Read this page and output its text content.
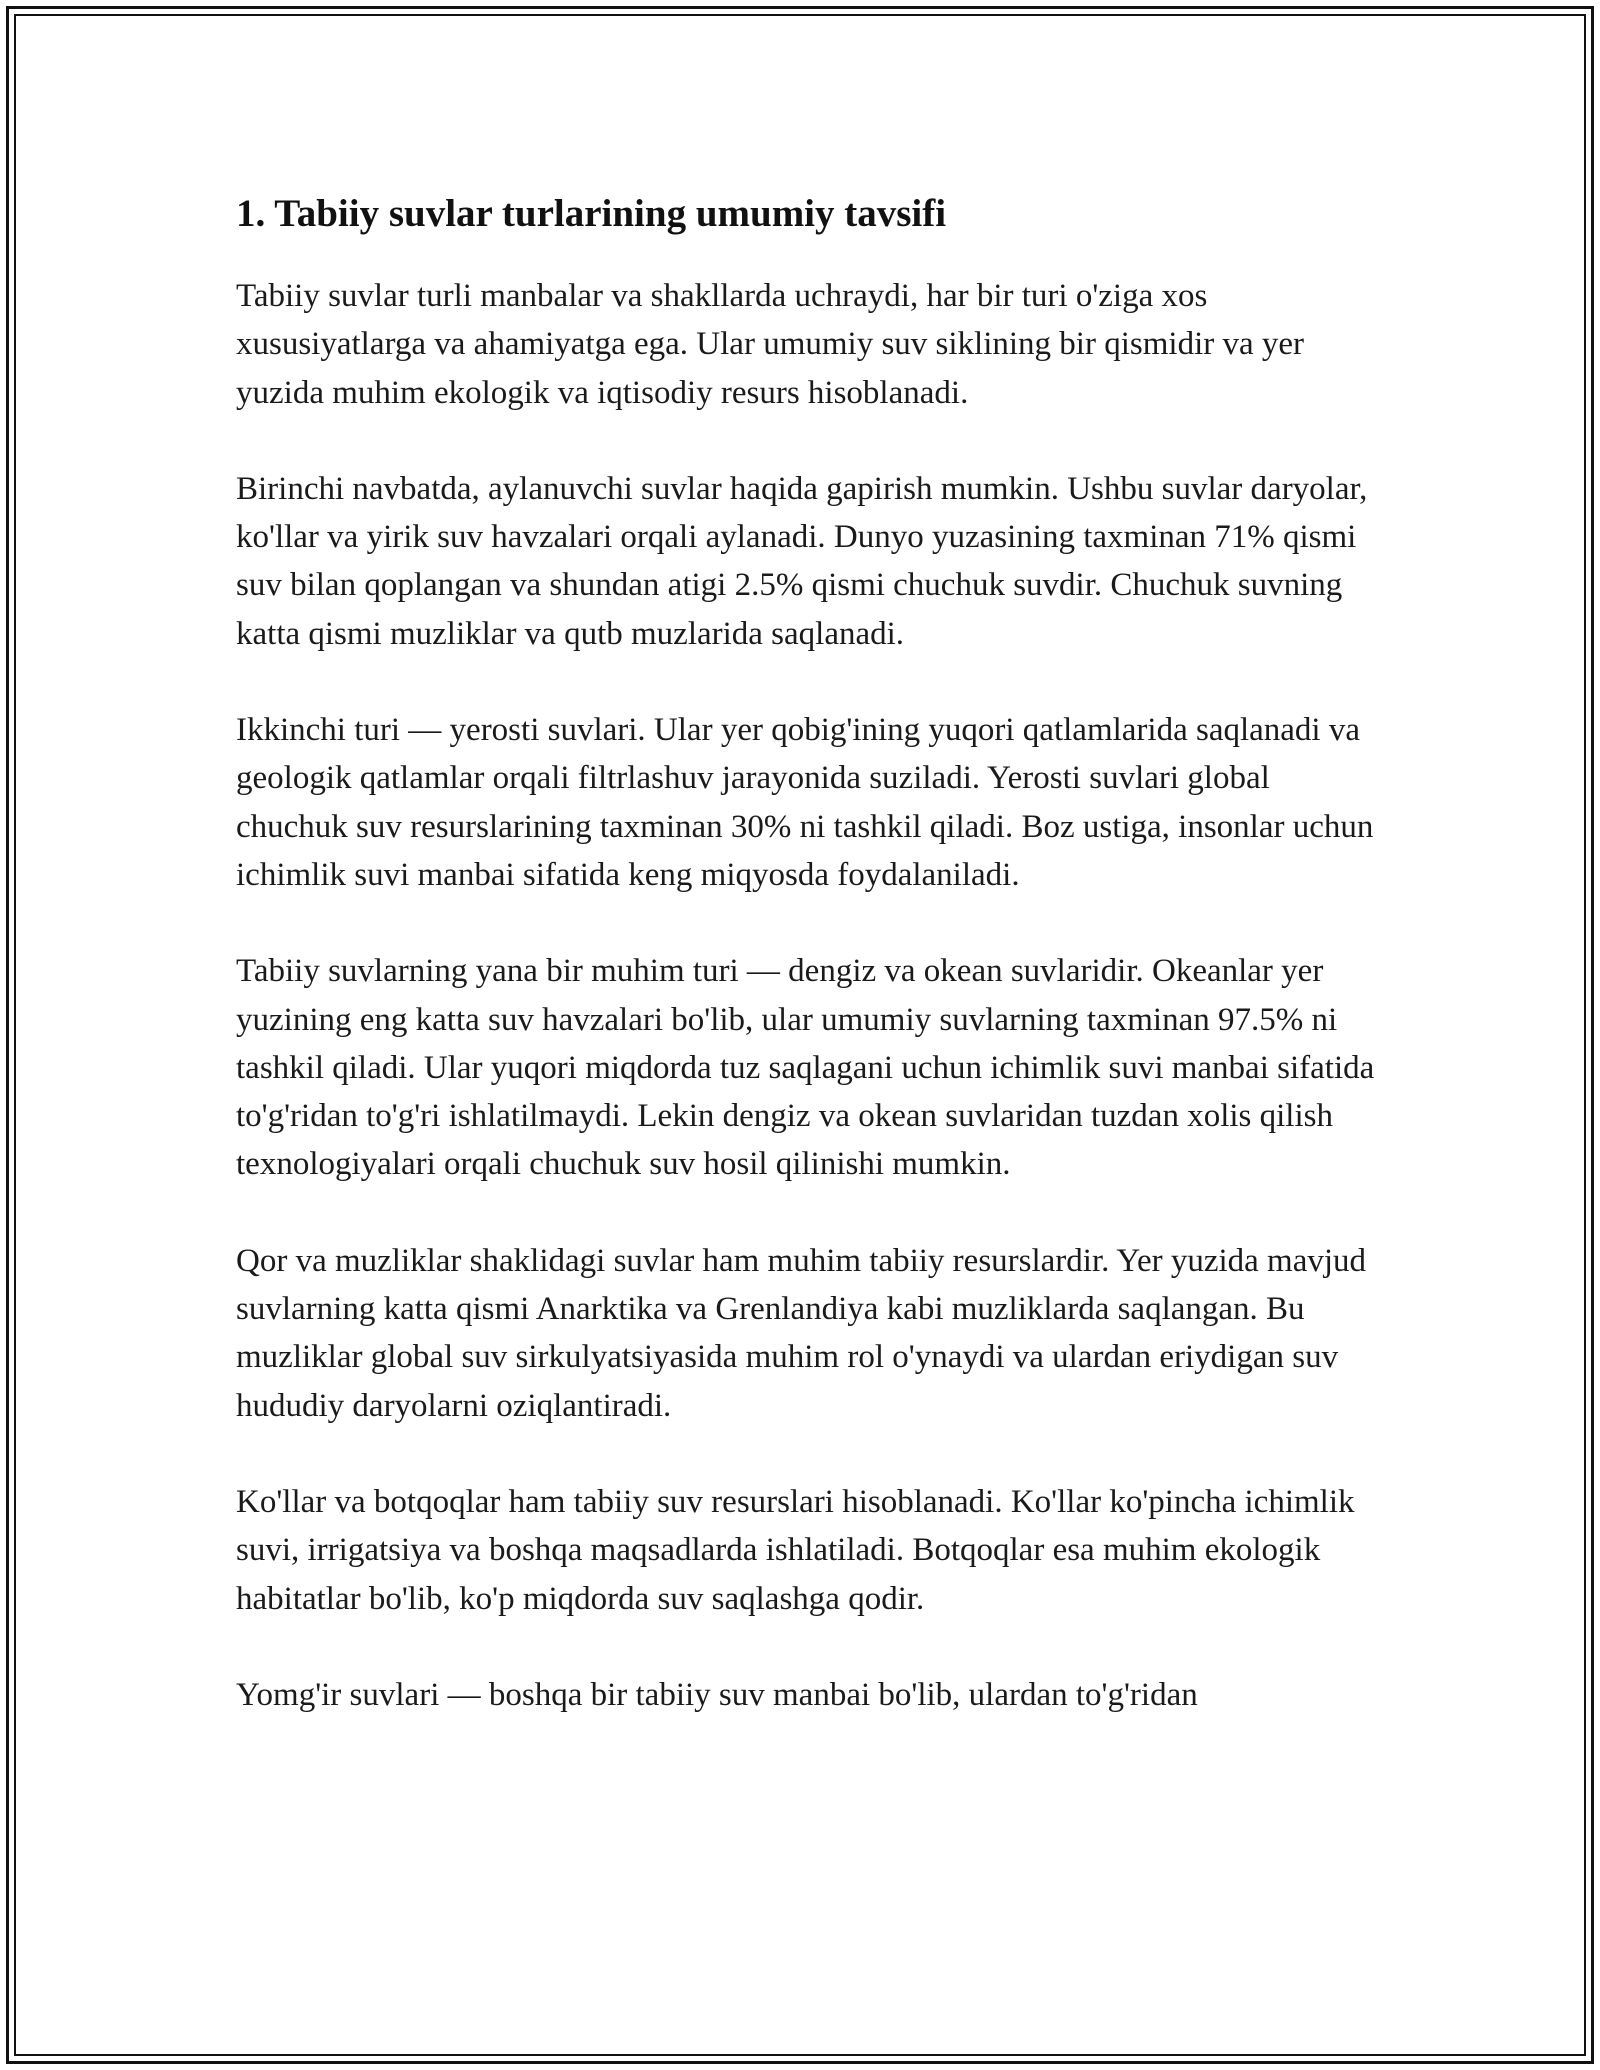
1. Tabiiy suvlar turlarining umumiy tavsifi

Tabiiy suvlar turli manbalar va shakllarda uchraydi, har bir turi o'ziga xos xususiyatlarga va ahamiyatga ega. Ular umumiy suv siklining bir qismidir va yer yuzida muhim ekologik va iqtisodiy resurs hisoblanadi.

Birinchi navbatda, aylanuvchi suvlar haqida gapirish mumkin. Ushbu suvlar daryolar, ko'llar va yirik suv havzalari orqali aylanadi. Dunyo yuzasining taxminan 71% qismi suv bilan qoplangan va shundan atigi 2.5% qismi chuchuk suvdir. Chuchuk suvning katta qismi muzliklar va qutb muzlarida saqlanadi.

Ikkinchi turi — yerosti suvlari. Ular yer qobig'ining yuqori qatlamlarida saqlanadi va geologik qatlamlar orqali filtrlashuv jarayonida suziladi. Yerosti suvlari global chuchuk suv resurslarining taxminan 30% ni tashkil qiladi. Boz ustiga, insonlar uchun ichimlik suvi manbai sifatida keng miqyosda foydalaniladi.

Tabiiy suvlarning yana bir muhim turi — dengiz va okean suvlaridir. Okeanlar yer yuzining eng katta suv havzalari bo'lib, ular umumiy suvlarning taxminan 97.5% ni tashkil qiladi. Ular yuqori miqdorda tuz saqlagani uchun ichimlik suvi manbai sifatida to'g'ridan to'g'ri ishlatilmaydi. Lekin dengiz va okean suvlaridan tuzdan xolis qilish texnologiyalari orqali chuchuk suv hosil qilinishi mumkin.

Qor va muzliklar shaklidagi suvlar ham muhim tabiiy resurslardir. Yer yuzida mavjud suvlarning katta qismi Anarktika va Grenlandiya kabi muzliklarda saqlangan. Bu muzliklar global suv sirkulyatsiyasida muhim rol o'ynaydi va ulardan eriydigan suv hududiy daryolarni oziqlantiradi.

Ko'llar va botqoqlar ham tabiiy suv resurslari hisoblanadi. Ko'llar ko'pincha ichimlik suvi, irrigatsiya va boshqa maqsadlarda ishlatiladi. Botqoqlar esa muhim ekologik habitatlar bo'lib, ko'p miqdorda suv saqlashga qodir.

Yomg'ir suvlari — boshqa bir tabiiy suv manbai bo'lib, ulardan to'g'ridan
